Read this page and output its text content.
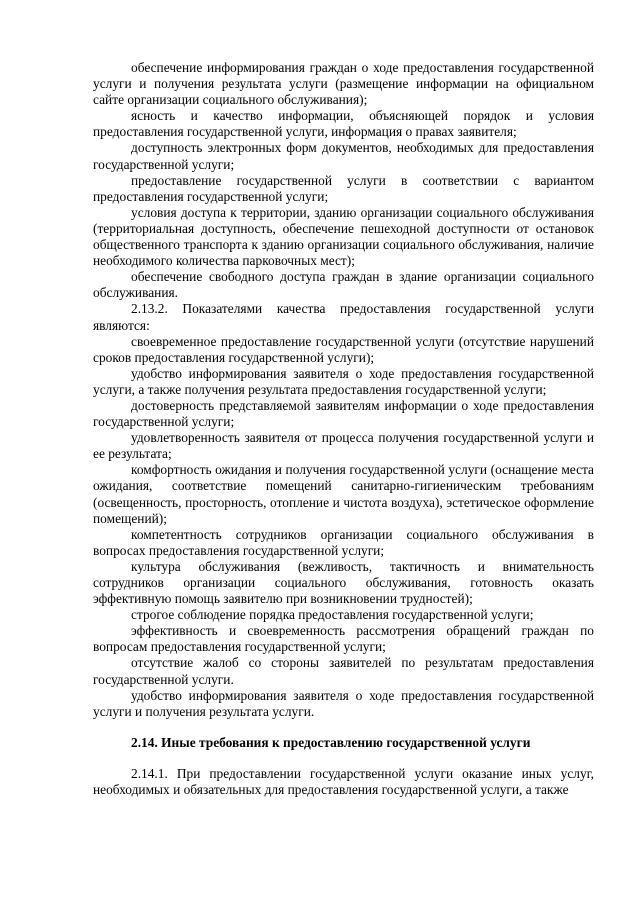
обеспечение информирования граждан о ходе предоставления государственной услуги и получения результата услуги (размещение информации на официальном сайте организации социального обслуживания);

ясность и качество информации, объясняющей порядок и условия предоставления государственной услуги, информация о правах заявителя;

доступность электронных форм документов, необходимых для предоставления государственной услуги;

предоставление государственной услуги в соответствии с вариантом предоставления государственной услуги;

условия доступа к территории, зданию организации социального обслуживания (территориальная доступность, обеспечение пешеходной доступности от остановок общественного транспорта к зданию организации социального обслуживания, наличие необходимого количества парковочных мест);

обеспечение свободного доступа граждан в здание организации социального обслуживания.

2.13.2. Показателями качества предоставления государственной услуги являются:

своевременное предоставление государственной услуги (отсутствие нарушений сроков предоставления государственной услуги);

удобство информирования заявителя о ходе предоставления государственной услуги, а также получения результата предоставления государственной услуги;

достоверность представляемой заявителям информации о ходе предоставления государственной услуги;

удовлетворенность заявителя от процесса получения государственной услуги и ее результата;

комфортность ожидания и получения государственной услуги (оснащение места ожидания, соответствие помещений санитарно-гигиеническим требованиям (освещенность, просторность, отопление и чистота воздуха), эстетическое оформление помещений);

компетентность сотрудников организации социального обслуживания в вопросах предоставления государственной услуги;

культура обслуживания (вежливость, тактичность и внимательность сотрудников организации социального обслуживания, готовность оказать эффективную помощь заявителю при возникновении трудностей);

строгое соблюдение порядка предоставления государственной услуги;

эффективность и своевременность рассмотрения обращений граждан по вопросам предоставления государственной услуги;

отсутствие жалоб со стороны заявителей по результатам предоставления государственной услуги.

удобство информирования заявителя о ходе предоставления государственной услуги и получения результата услуги.

2.14. Иные требования к предоставлению государственной услуги

2.14.1. При предоставлении государственной услуги оказание иных услуг, необходимых и обязательных для предоставления государственной услуги, а также
